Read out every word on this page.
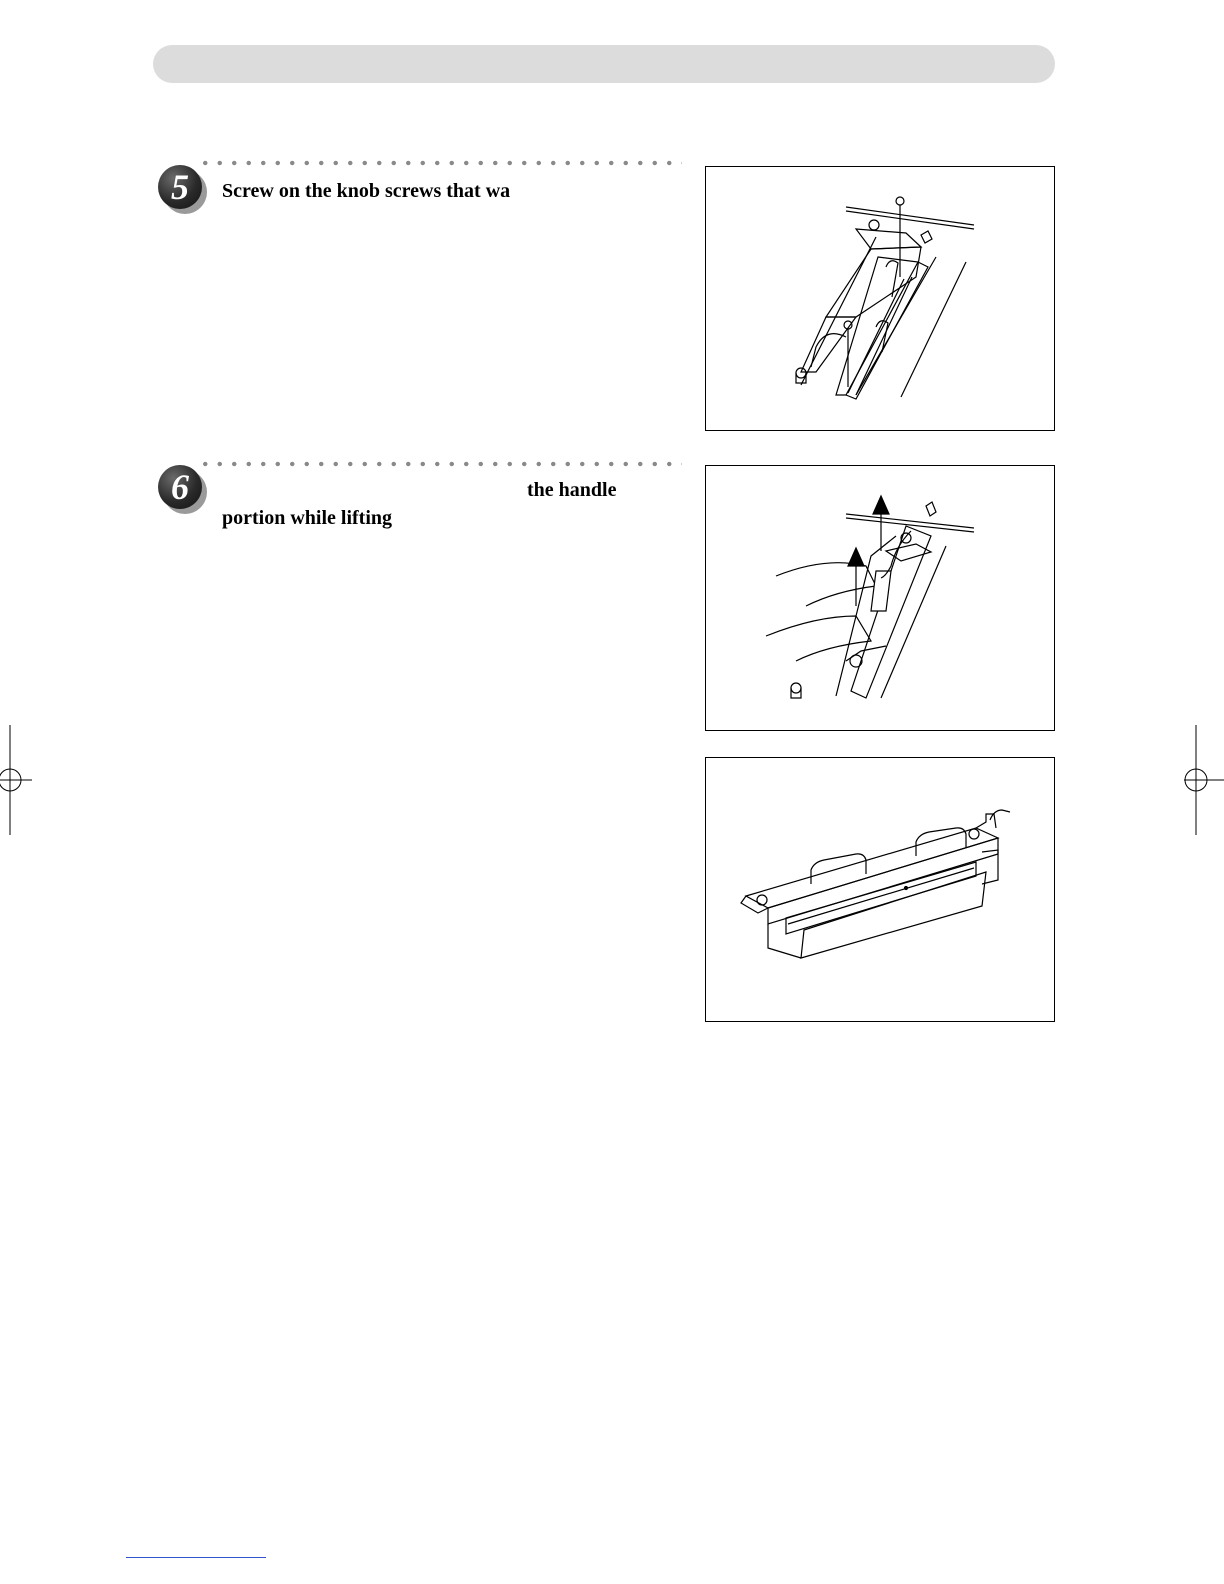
5	Screw on the knob screws that wa
6	the handle
portion while lifting
